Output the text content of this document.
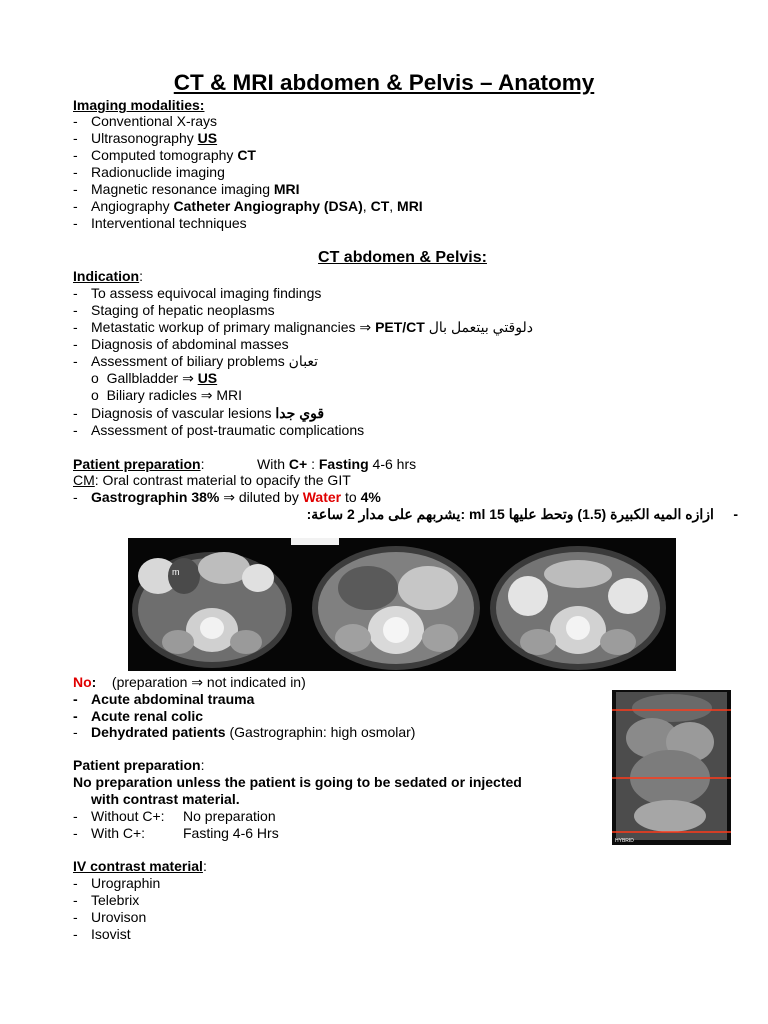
CT & MRI abdomen & Pelvis – Anatomy
Imaging modalities:
- Conventional X-rays
- Ultrasonography US
- Computed tomography CT
- Radionuclide imaging
- Magnetic resonance imaging MRI
- Angiography Catheter Angiography (DSA), CT, MRI
- Interventional techniques
CT abdomen & Pelvis:
Indication:
- To assess equivocal imaging findings
- Staging of hepatic neoplasms
- Metastatic workup of primary malignancies ⇒ PET/CT دلوقتي بيتعمل بال
- Diagnosis of abdominal masses
- Assessment of biliary problems تعبان
o Gallbladder ⇒ US
o Biliary radicles ⇒ MRI
- Diagnosis of vascular lesions قوي جدا
- Assessment of post-traumatic complications
Patient preparation:	With C+ : Fasting 4-6 hrs
CM: Oral contrast material to opacify the GIT
- Gastrographin 38% ⇒ diluted by Water to 4%
ازازه الميه الكبيرة (1.5) وتحط عليها ml 15 :يشربهم على مدار 2 ساعة: -
m
No: (preparation ⇒ not indicated in)
- Acute abdominal trauma
- Acute renal colic
- Dehydrated patients (Gastrographin: high osmolar)
HYBRID
Patient preparation:
No preparation unless the patient is going to be sedated or injected
with contrast material.
- Without C+: No preparation
- With C+:	Fasting 4-6 Hrs
IV contrast material:
- Urographin
- Telebrix
- Urovison
- Isovist
